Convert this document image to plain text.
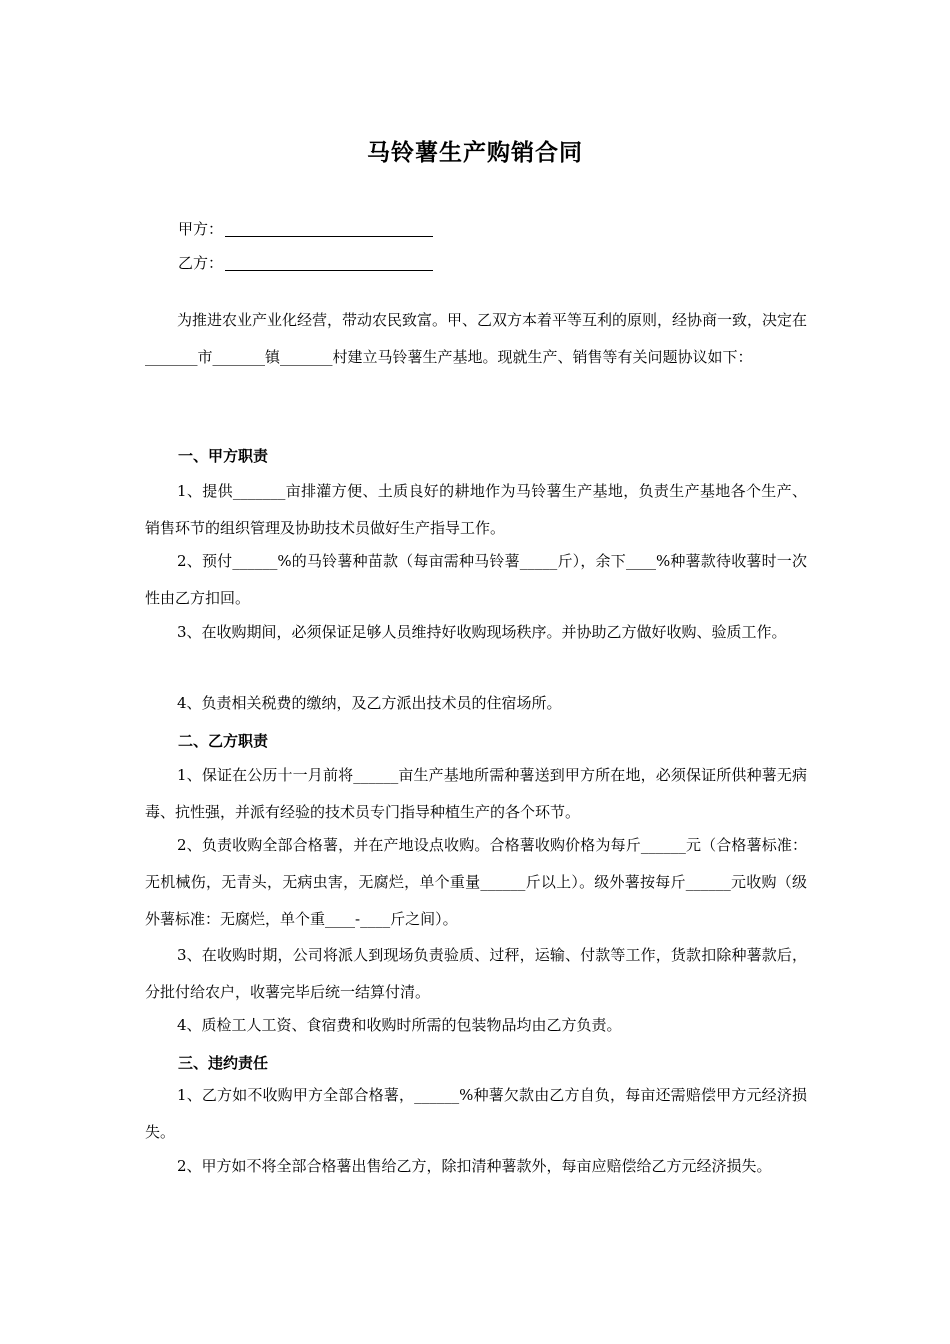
马铃薯生产购销合同
甲方：
乙方：

为推进农业产业化经营，带动农民致富。甲、乙双方本着平等互利的原则，经协商一致，决定在_______市_______镇_______村建立马铃薯生产基地。现就生产、销售等有关问题协议如下：

一、甲方职责

1、提供_______亩排灌方便、土质良好的耕地作为马铃薯生产基地，负责生产基地各个生产、销售环节的组织管理及协助技术员做好生产指导工作。

2、预付______%的马铃薯种苗款（每亩需种马铃薯_____斤），余下____%种薯款待收薯时一次性由乙方扣回。

3、在收购期间，必须保证足够人员维持好收购现场秩序。并协助乙方做好收购、验质工作。

4、负责相关税费的缴纳，及乙方派出技术员的住宿场所。

二、乙方职责

1、保证在公历十一月前将______亩生产基地所需种薯送到甲方所在地，必须保证所供种薯无病毒、抗性强，并派有经验的技术员专门指导种植生产的各个环节。

2、负责收购全部合格薯，并在产地设点收购。合格薯收购价格为每斤______元（合格薯标准：无机械伤，无青头，无病虫害，无腐烂，单个重量______斤以上）。级外薯按每斤______元收购（级外薯标准：无腐烂，单个重____-____斤之间）。

3、在收购时期，公司将派人到现场负责验质、过秤，运输、付款等工作，货款扣除种薯款后，分批付给农户，收薯完毕后统一结算付清。

4、质检工人工资、食宿费和收购时所需的包装物品均由乙方负责。

三、违约责任

1、乙方如不收购甲方全部合格薯，______%种薯欠款由乙方自负，每亩还需赔偿甲方元经济损失。

2、甲方如不将全部合格薯出售给乙方，除扣清种薯款外，每亩应赔偿给乙方元经济损失。
